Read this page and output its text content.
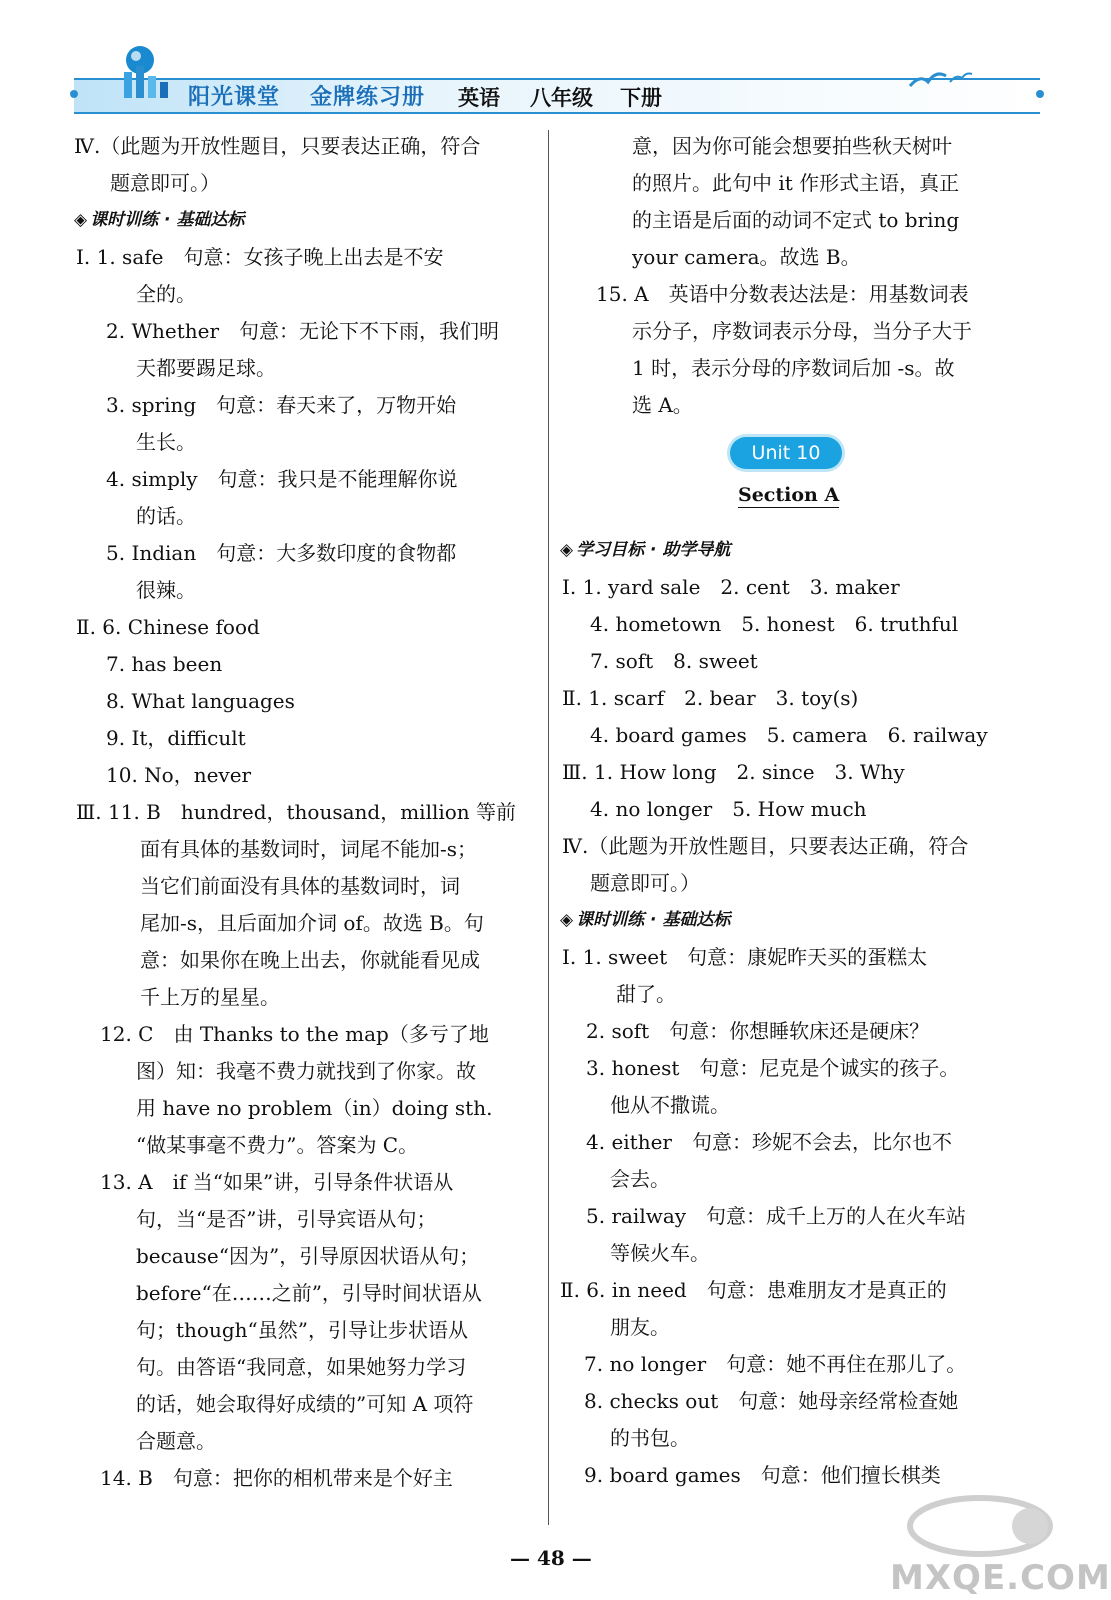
阳光课堂 金牌练习册 英语 八年级 下册
Ⅳ.（此题为开放性题目，只要表达正确，符合
题意即可。）
◈ 课时训练 · 基础达标
Ⅰ. 1. safe　句意：女孩子晚上出去是不安
全的。
2. Whether　句意：无论下不下雨，我们明
天都要踢足球。
3. spring　句意：春天来了，万物开始
生长。
4. simply　句意：我只是不能理解你说
的话。
5. Indian　句意：大多数印度的食物都
很辣。
Ⅱ. 6. Chinese food
7. has been
8. What languages
9. It，difficult
10. No，never
Ⅲ. 11. B　hundred，thousand，million 等前
面有具体的基数词时，词尾不能加-s；
当它们前面没有具体的基数词时，词
尾加-s，且后面加介词 of。故选 B。句
意：如果你在晚上出去，你就能看见成
千上万的星星。
12. C　由 Thanks to the map（多亏了地
图）知：我毫不费力就找到了你家。故
用 have no problem（in）doing sth.
“做某事毫不费力”。答案为 C。
13. A　if 当“如果”讲，引导条件状语从
句，当“是否”讲，引导宾语从句；
because“因为”，引导原因状语从句；
before“在……之前”，引导时间状语从
句；though“虽然”，引导让步状语从
句。由答语“我同意，如果她努力学习
的话，她会取得好成绩的”可知 A 项符
合题意。
14. B　句意：把你的相机带来是个好主
意，因为你可能会想要拍些秋天树叶
的照片。此句中 it 作形式主语，真正
的主语是后面的动词不定式 to bring
your camera。故选 B。
15. A　英语中分数表达法是：用基数词表
示分子，序数词表示分母，当分子大于
1 时，表示分母的序数词后加 -s。故
选 A。
Unit 10
Section A
◈ 学习目标 · 助学导航
Ⅰ. 1. yard sale　2. cent　3. maker
4. hometown　5. honest　6. truthful
7. soft　8. sweet
Ⅱ. 1. scarf　2. bear　3. toy(s)
4. board games　5. camera　6. railway
Ⅲ. 1. How long　2. since　3. Why
4. no longer　5. How much
Ⅳ.（此题为开放性题目，只要表达正确，符合
题意即可。）
◈ 课时训练 · 基础达标
Ⅰ. 1. sweet　句意：康妮昨天买的蛋糕太
甜了。
2. soft　句意：你想睡软床还是硬床？
3. honest　句意：尼克是个诚实的孩子。
他从不撒谎。
4. either　句意：珍妮不会去，比尔也不
会去。
5. railway　句意：成千上万的人在火车站
等候火车。
Ⅱ. 6. in need　句意：患难朋友才是真正的
朋友。
7. no longer　句意：她不再住在那儿了。
8. checks out　句意：她母亲经常检查她
的书包。
9. board games　句意：他们擅长棋类
— 48 —	MXQE.COM
